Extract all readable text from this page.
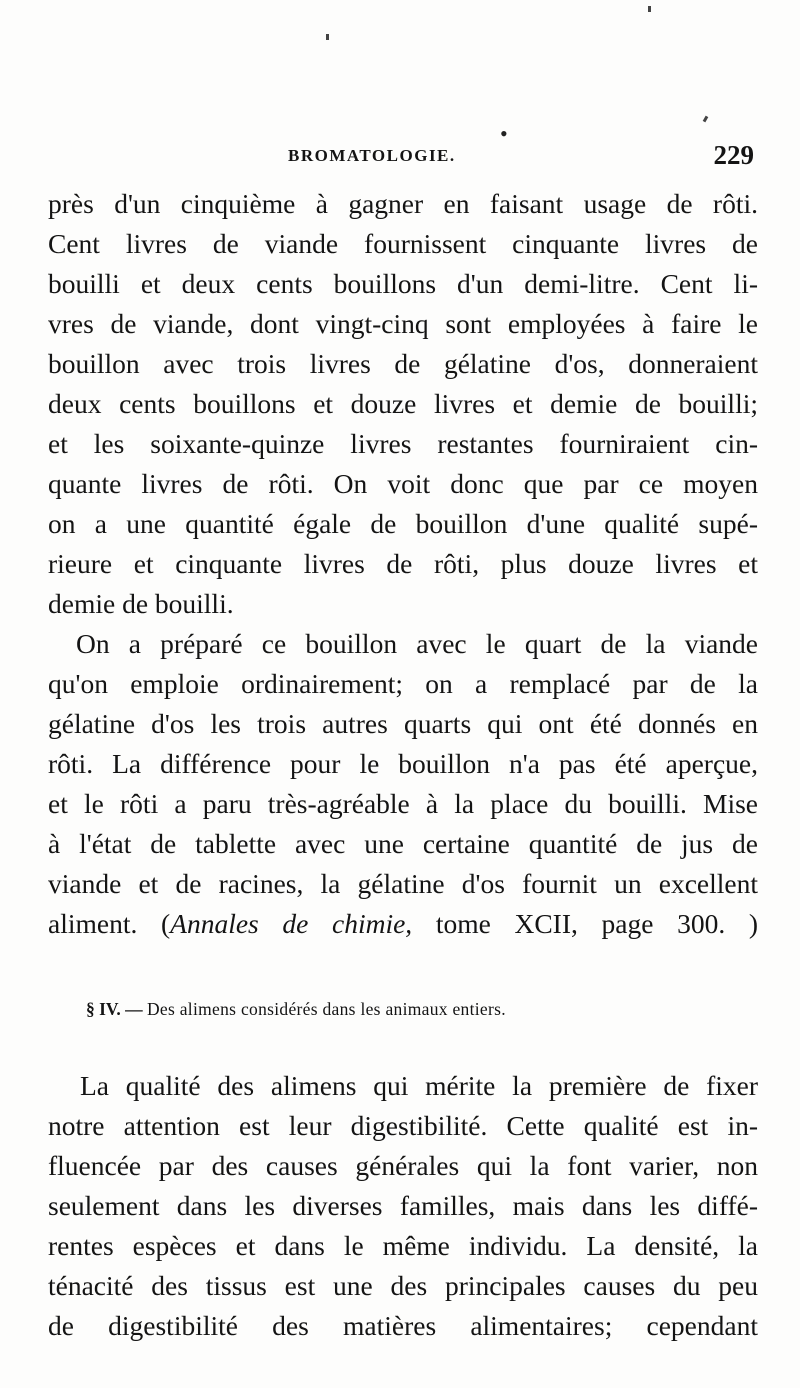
•
BROMATOLOGIE.	229
près d'un cinquième à gagner en faisant usage de rôti.
Cent livres de viande fournissent cinquante livres de
bouilli et deux cents bouillons d'un demi-litre. Cent li-
vres de viande, dont vingt-cinq sont employées à faire le
bouillon avec trois livres de gélatine d'os, donneraient
deux cents bouillons et douze livres et demie de bouilli;
et les soixante-quinze livres restantes fourniraient cin-
quante livres de rôti. On voit donc que par ce moyen
on a une quantité égale de bouillon d'une qualité supé-
rieure et cinquante livres de rôti, plus douze livres et
demie de bouilli.
On a préparé ce bouillon avec le quart de la viande
qu'on emploie ordinairement; on a remplacé par de la
gélatine d'os les trois autres quarts qui ont été donnés en
rôti. La différence pour le bouillon n'a pas été aperçue,
et le rôti a paru très-agréable à la place du bouilli. Mise
à l'état de tablette avec une certaine quantité de jus de
viande et de racines, la gélatine d'os fournit un excellent
aliment. (Annales de chimie, tome XCII, page 300. )
§ IV. — Des alimens considérés dans les animaux entiers.
La qualité des alimens qui mérite la première de fixer
notre attention est leur digestibilité. Cette qualité est in-
fluencée par des causes générales qui la font varier, non
seulement dans les diverses familles, mais dans les diffé-
rentes espèces et dans le même individu. La densité, la
ténacité des tissus est une des principales causes du peu
de digestibilité des matières alimentaires; cependant
